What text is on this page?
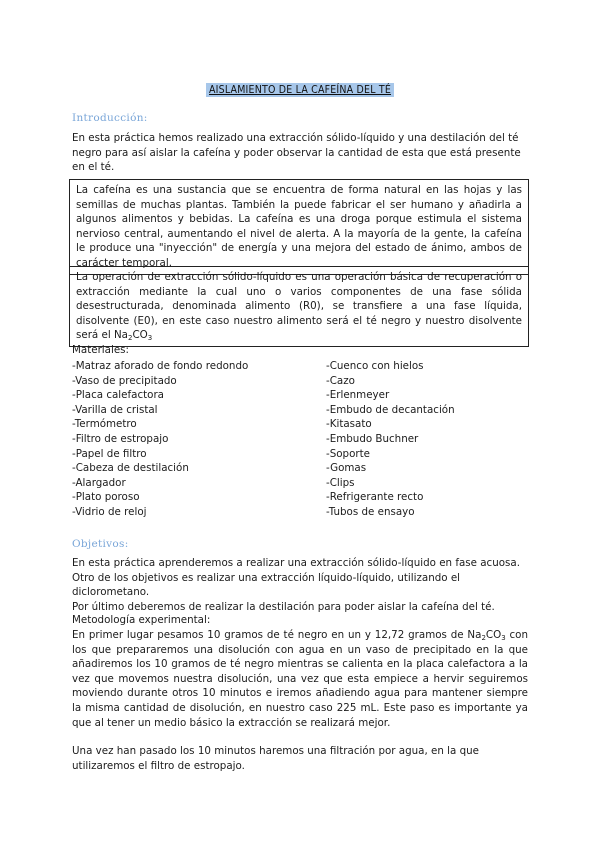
AISLAMIENTO DE LA CAFEÍNA DEL TÉ
Introducción:
En esta práctica hemos realizado una extracción sólido-líquido y una destilación del té negro para así aislar la cafeína y poder observar la cantidad de esta que está presente en el té.
La cafeína es una sustancia que se encuentra de forma natural en las hojas y las semillas de muchas plantas. También la puede fabricar el ser humano y añadirla a algunos alimentos y bebidas. La cafeína es una droga porque estimula el sistema nervioso central, aumentando el nivel de alerta. A la mayoría de la gente, la cafeína le produce una "inyección" de energía y una mejora del estado de ánimo, ambos de carácter temporal.
La operación de extracción sólido-líquido es una operación básica de recuperación o extracción mediante la cual uno o varios componentes de una fase sólida desestructurada, denominada alimento (R0), se transfiere a una fase líquida, disolvente (E0), en este caso nuestro alimento será el té negro y nuestro disolvente será el $Na_2CO_3$
Materiales:
-Matraz aforado de fondo redondo
-Vaso de precipitado
-Placa calefactora
-Varilla de cristal
-Termómetro
-Filtro de estropajo
-Papel de filtro
-Cabeza de destilación
-Alargador
-Plato poroso
-Vidrio de reloj
-Cuenco con hielos
-Cazo
-Erlenmeyer
-Embudo de decantación
-Kitasato
-Embudo Buchner
-Soporte
-Gomas
-Clips
-Refrigerante recto
-Tubos de ensayo
Objetivos:
En esta práctica aprenderemos a realizar una extracción sólido-líquido en fase acuosa.
Otro de los objetivos es realizar una extracción líquido-líquido, utilizando el diclorometano.
Por último deberemos de realizar la destilación para poder aislar la cafeína del té.
Metodología experimental:
En primer lugar pesamos 10 gramos de té negro en un y 12,72 gramos de $Na_2CO_3$ con los que prepararemos una disolución con agua en un vaso de precipitado en la que añadiremos los 10 gramos de té negro mientras se calienta en la placa calefactora a la vez que movemos nuestra disolución, una vez que esta empiece a hervir seguiremos moviendo durante otros 10 minutos e iremos añadiendo agua para mantener siempre la misma cantidad de disolución, en nuestro caso 225 mL. Este paso es importante ya que al tener un medio básico la extracción se realizará mejor.
Una vez han pasado los 10 minutos haremos una filtración por agua, en la que utilizaremos el filtro de estropajo.
